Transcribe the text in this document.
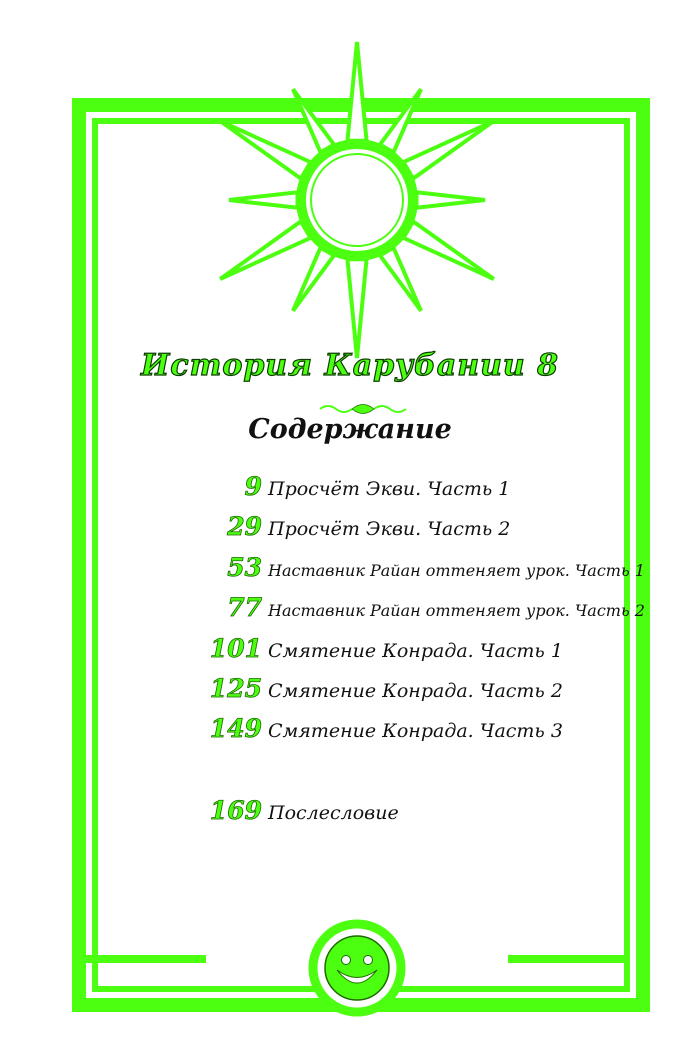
История Карубании 8
Содержание
9 Просчёт Экви. Часть 1
29 Просчёт Экви. Часть 2
53 Наставник Райан оттеняет урок. Часть 1
77 Наставник Райан оттеняет урок. Часть 2
101 Смятение Конрада. Часть 1
125 Смятение Конрада. Часть 2
149 Смятение Конрада. Часть 3
169 Послесловие
